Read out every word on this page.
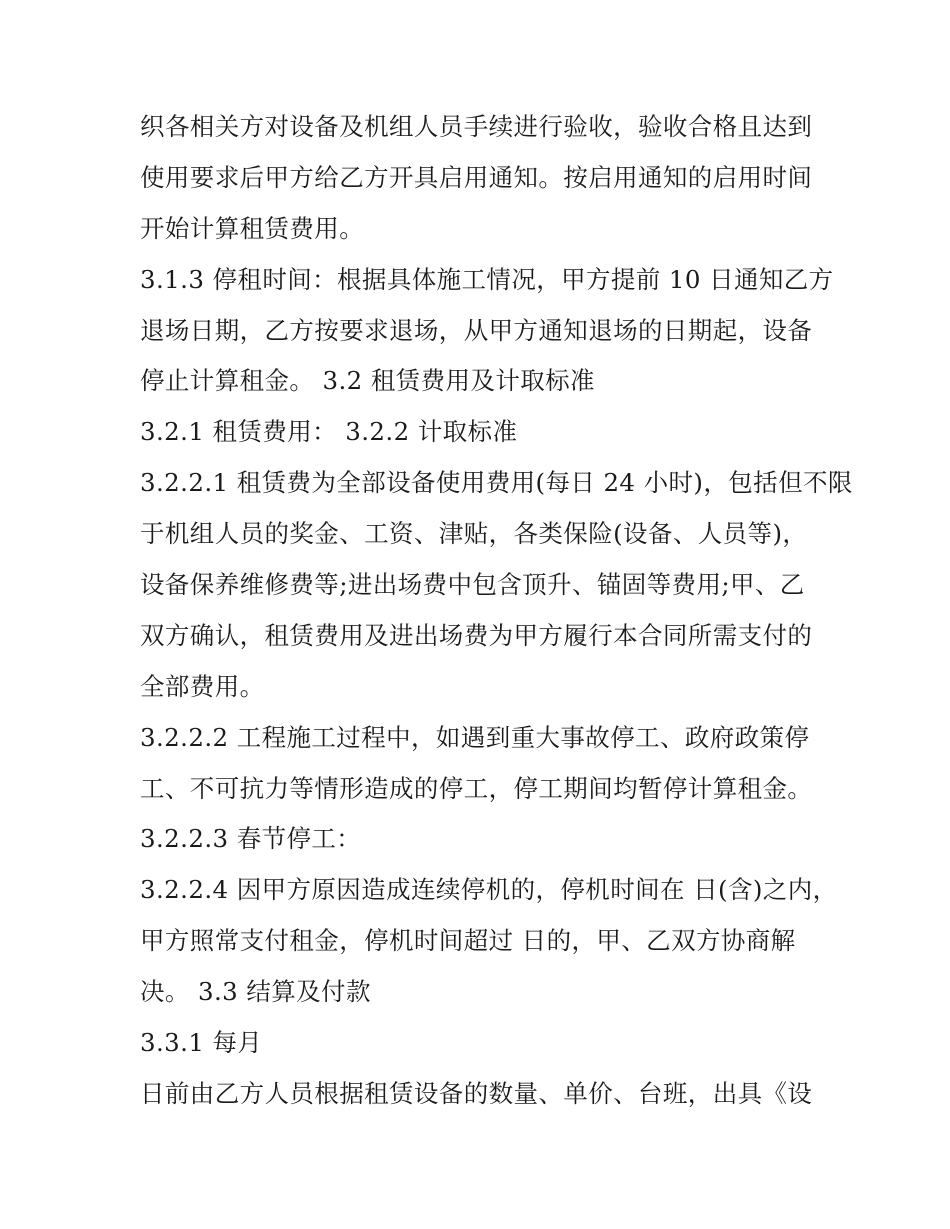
织各相关方对设备及机组人员手续进行验收，验收合格且达到
使用要求后甲方给乙方开具启用通知。按启用通知的启用时间
开始计算租赁费用。
3.1.3 停租时间：根据具体施工情况，甲方提前 10 日通知乙方
退场日期，乙方按要求退场，从甲方通知退场的日期起，设备
停止计算租金。 3.2 租赁费用及计取标准
3.2.1 租赁费用： 3.2.2 计取标准
3.2.2.1 租赁费为全部设备使用费用(每日 24 小时)，包括但不限
于机组人员的奖金、工资、津贴，各类保险(设备、人员等)，
设备保养维修费等;进出场费中包含顶升、锚固等费用;甲、乙
双方确认，租赁费用及进出场费为甲方履行本合同所需支付的
全部费用。
3.2.2.2 工程施工过程中，如遇到重大事故停工、政府政策停
工、不可抗力等情形造成的停工，停工期间均暂停计算租金。
3.2.2.3 春节停工：
3.2.2.4 因甲方原因造成连续停机的，停机时间在 日(含)之内，
甲方照常支付租金，停机时间超过 日的，甲、乙双方协商解
决。 3.3 结算及付款
3.3.1 每月
日前由乙方人员根据租赁设备的数量、单价、台班，出具《设
